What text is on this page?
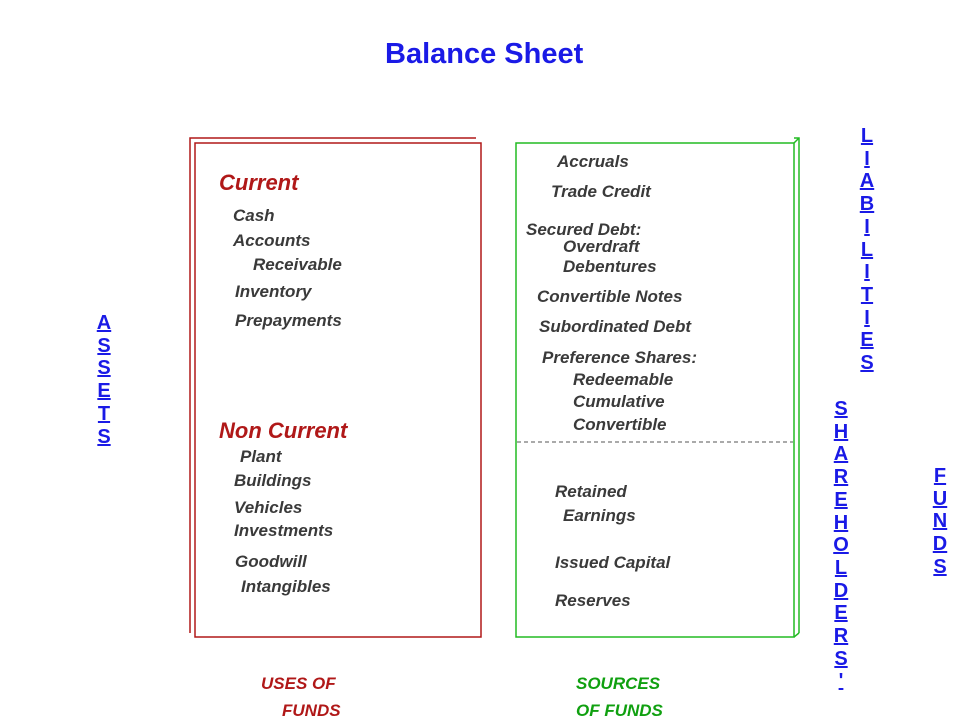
Balance Sheet
A
S
S
E
T
S
L
I
A
B
I
L
I
T
I
E
S
S
H
A
R
E
H
O
L
D
E
R
S
'
F
U
N
D
S
Current
Cash
Accounts
Receivable
Inventory
Prepayments
Non Current
Plant
Buildings
Vehicles
Investments
Goodwill
Intangibles
Accruals
Trade Credit
Secured Debt:
Overdraft
Debentures
Convertible Notes
Subordinated Debt
Preference Shares:
Redeemable
Cumulative
Convertible
Retained
Earnings
Issued Capital
Reserves
USES OF
FUNDS
SOURCES
OF FUNDS
